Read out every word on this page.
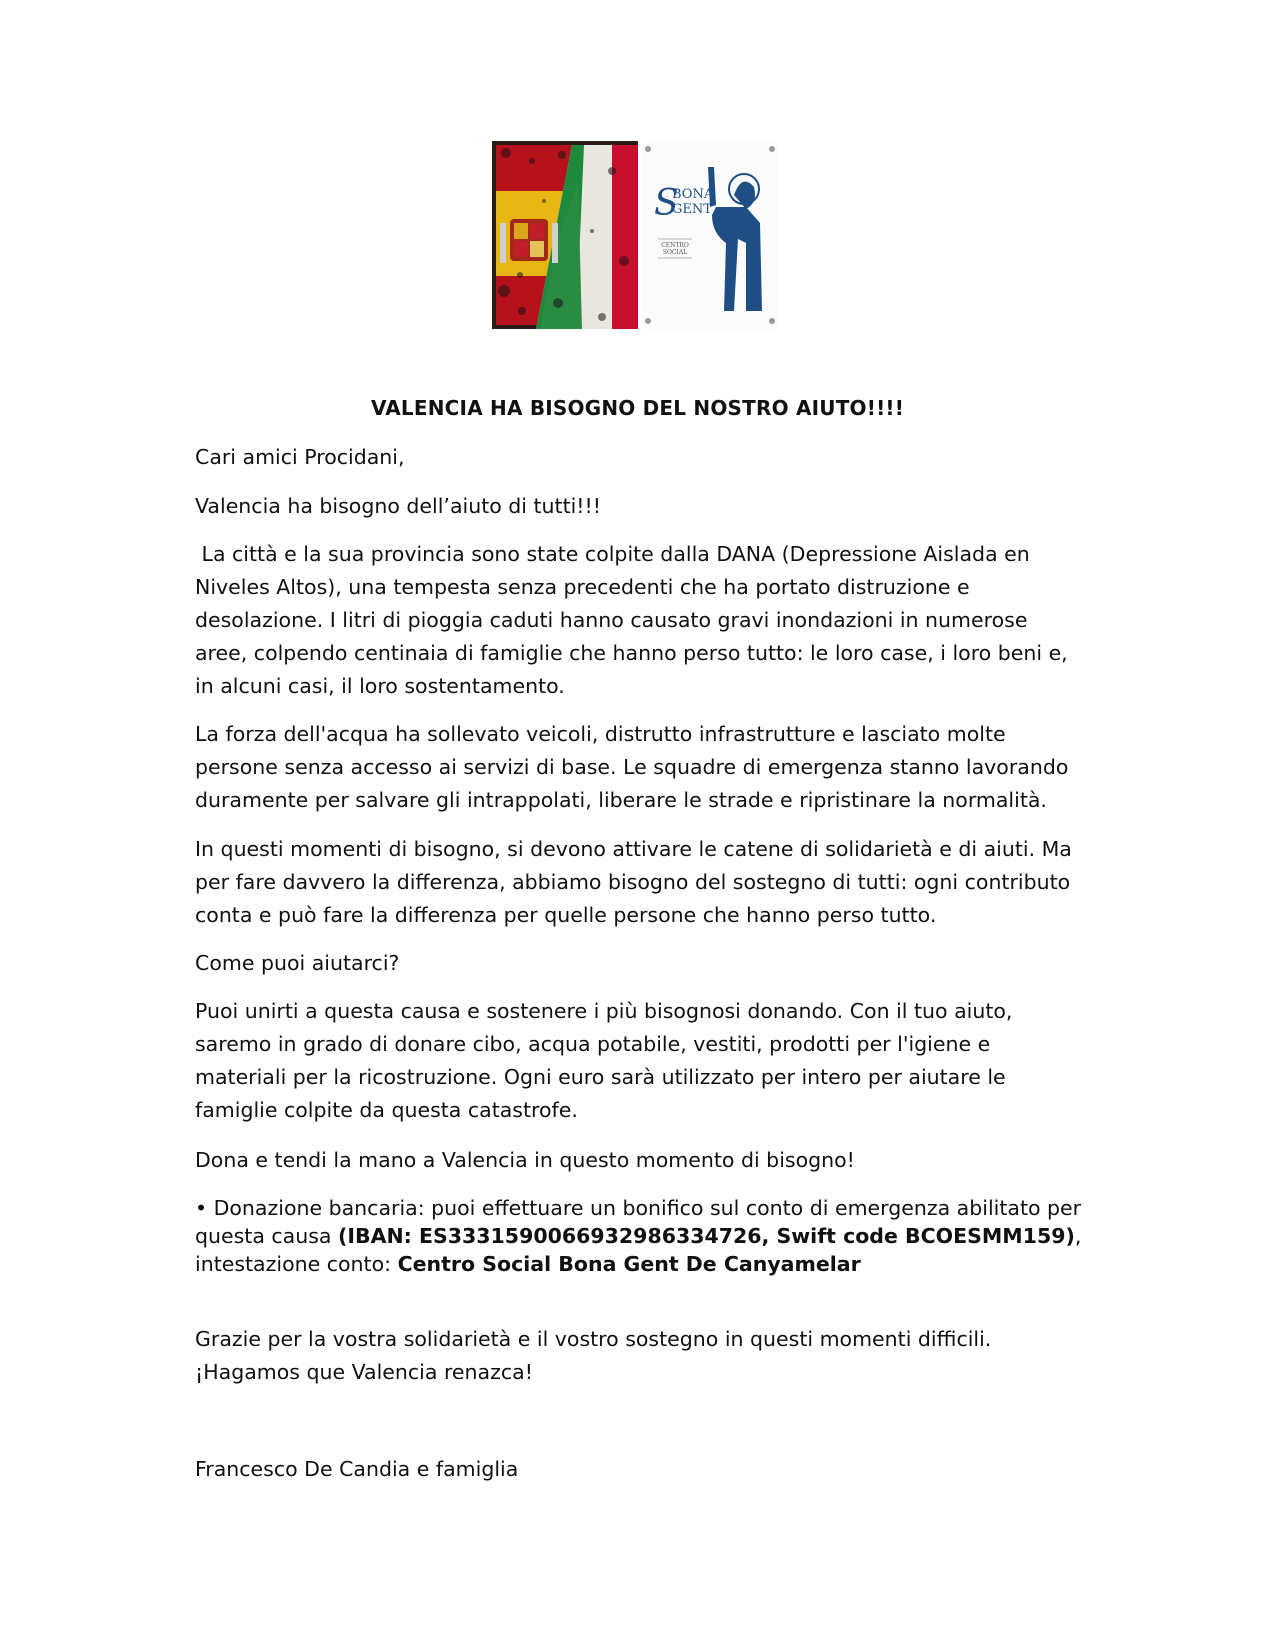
S
BONA
GENT
CENTRO
SOCIAL
VALENCIA HA BISOGNO DEL NOSTRO AIUTO!!!!

Cari amici Procidani,

Valencia ha bisogno dell’aiuto di tutti!!!

La città e la sua provincia sono state colpite dalla DANA (Depressione Aislada en Niveles Altos), una tempesta senza precedenti che ha portato distruzione e desolazione. I litri di pioggia caduti hanno causato gravi inondazioni in numerose aree, colpendo centinaia di famiglie che hanno perso tutto: le loro case, i loro beni e, in alcuni casi, il loro sostentamento.

La forza dell'acqua ha sollevato veicoli, distrutto infrastrutture e lasciato molte persone senza accesso ai servizi di base. Le squadre di emergenza stanno lavorando duramente per salvare gli intrappolati, liberare le strade e ripristinare la normalità.

In questi momenti di bisogno, si devono attivare le catene di solidarietà e di aiuti. Ma per fare davvero la differenza, abbiamo bisogno del sostegno di tutti: ogni contributo conta e può fare la differenza per quelle persone che hanno perso tutto.

Come puoi aiutarci?

Puoi unirti a questa causa e sostenere i più bisognosi donando. Con il tuo aiuto, saremo in grado di donare cibo, acqua potabile, vestiti, prodotti per l'igiene e materiali per la ricostruzione. Ogni euro sarà utilizzato per intero per aiutare le famiglie colpite da questa catastrofe.

Dona e tendi la mano a Valencia in questo momento di bisogno!

• Donazione bancaria: puoi effettuare un bonifico sul conto di emergenza abilitato per questa causa (IBAN: ES3331590066932986334726, Swift code BCOESMM159), intestazione conto: Centro Social Bona Gent De Canyamelar

Grazie per la vostra solidarietà e il vostro sostegno in questi momenti difficili. ¡Hagamos que Valencia renazca!

Francesco De Candia e famiglia
